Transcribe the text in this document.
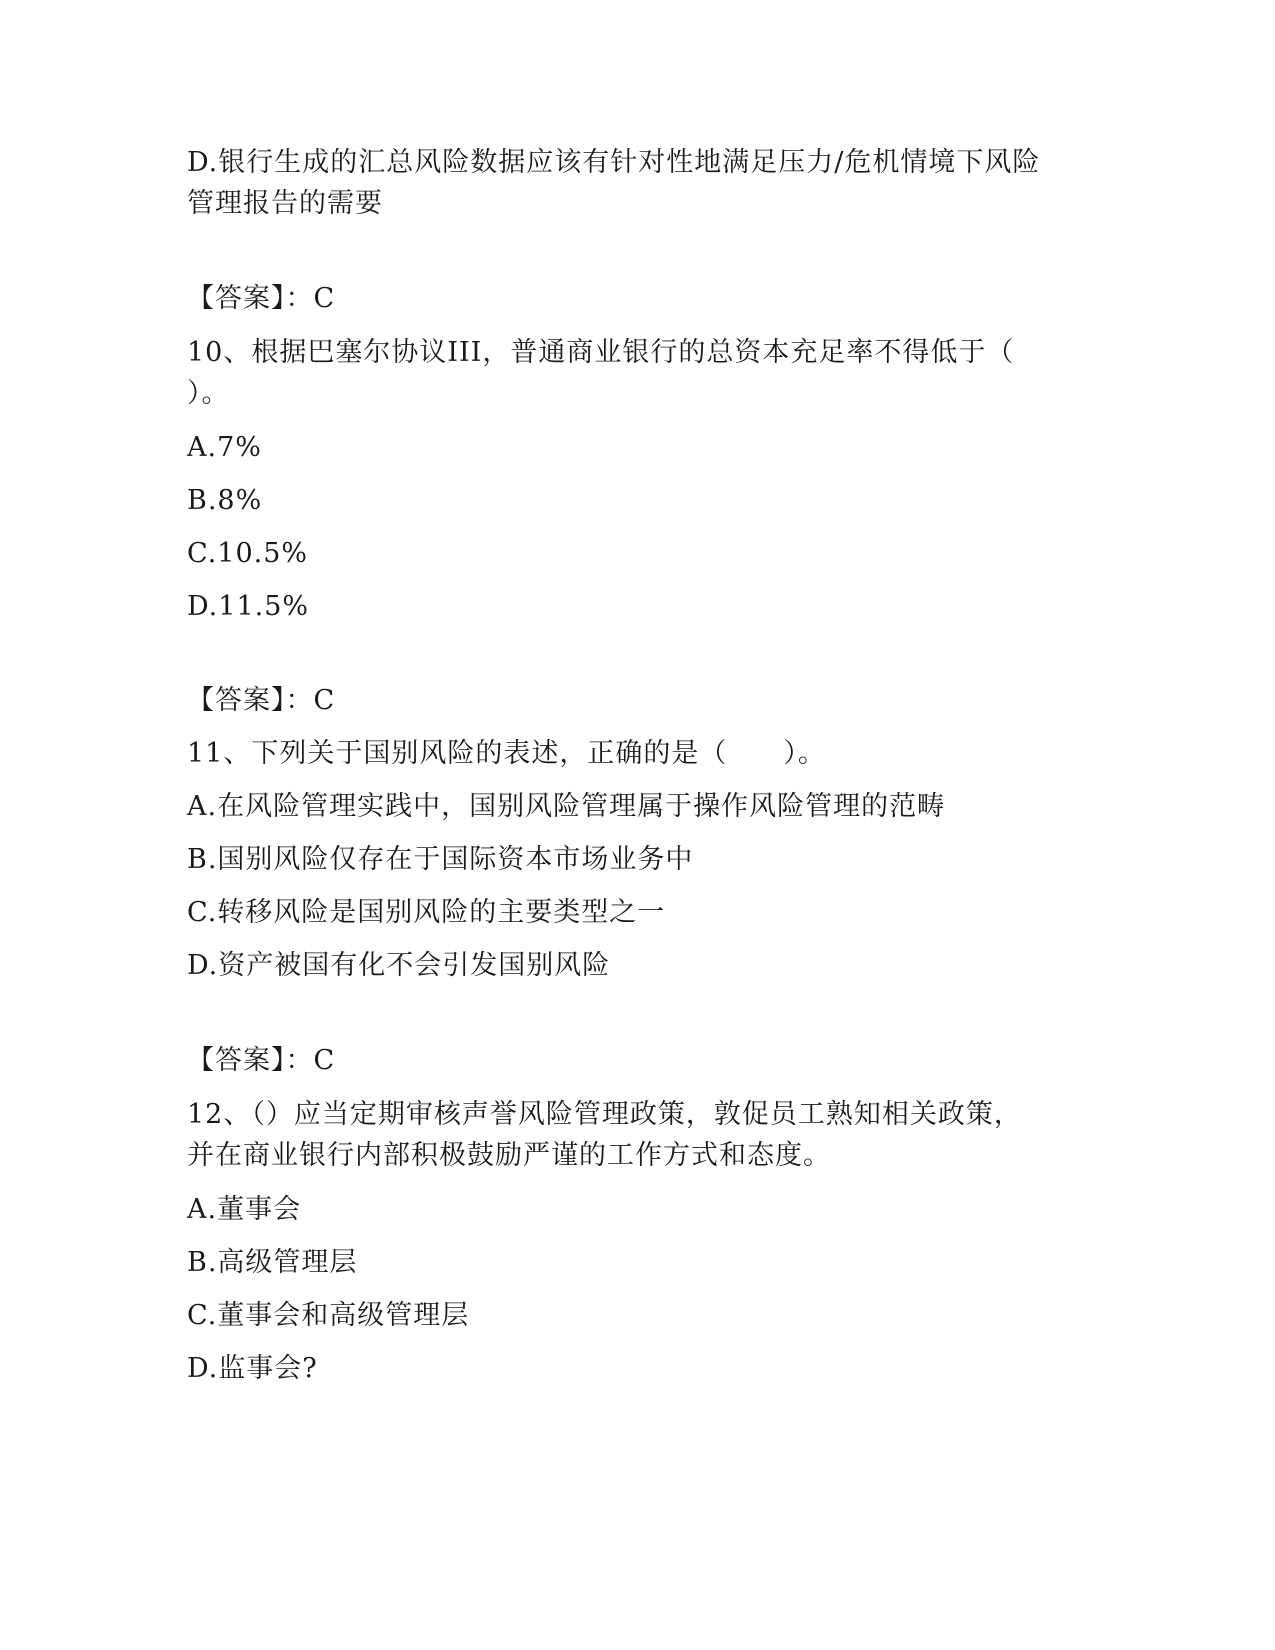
D.银行生成的汇总风险数据应该有针对性地满足压力/危机情境下风险
管理报告的需要
【答案】：C
10、根据巴塞尔协议III，普通商业银行的总资本充足率不得低于（
）。
A.7%
B.8%
C.10.5%
D.11.5%
【答案】：C
11、下列关于国别风险的表述，正确的是（　　）。
A.在风险管理实践中，国别风险管理属于操作风险管理的范畴
B.国别风险仅存在于国际资本市场业务中
C.转移风险是国别风险的主要类型之一
D.资产被国有化不会引发国别风险
【答案】：C
12、（）应当定期审核声誉风险管理政策，敦促员工熟知相关政策，
并在商业银行内部积极鼓励严谨的工作方式和态度。
A.董事会
B.高级管理层
C.董事会和高级管理层
D.监事会?
